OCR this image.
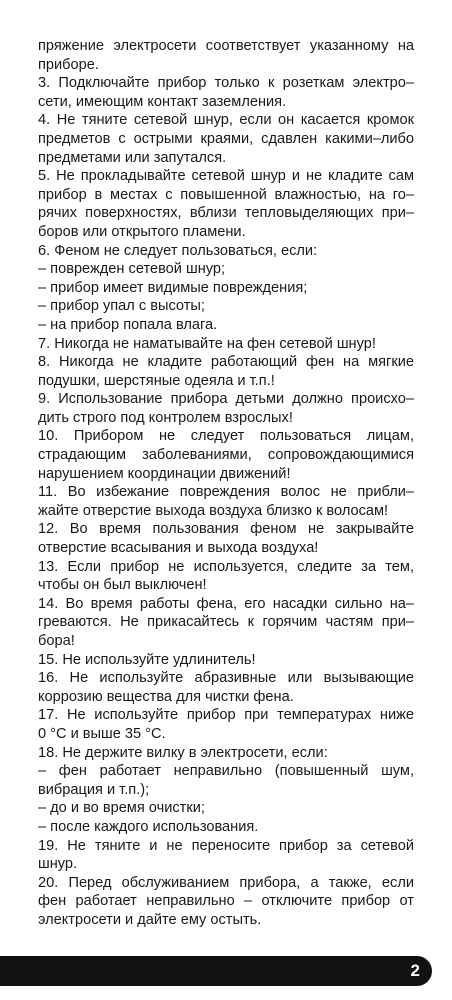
пряжение электросети соответствует указанному на
приборе.
3. Подключайте прибор только к розеткам электро–
сети, имеющим контакт заземления.
4. Не тяните сетевой шнур, если он касается кромок
предметов с острыми краями, сдавлен какими–либо
предметами или запутался.
5. Не прокладывайте сетевой шнур и не кладите сам
прибор в местах с повышенной влажностью, на го–
рячих поверхностях, вблизи тепловыделяющих при–
боров или открытого пламени.
6. Феном не следует пользоваться, если:
– поврежден сетевой шнур;
– прибор имеет видимые повреждения;
– прибор упал с высоты;
– на прибор попала влага.
7. Никогда не наматывайте на фен сетевой шнур!
8. Никогда не кладите работающий фен на мягкие
подушки, шерстяные одеяла и т.п.!
9. Использование прибора детьми должно происхо–
дить строго под контролем взрослых!
10. Прибором не следует пользоваться лицам,
страдающим заболеваниями, сопровождающимися
нарушением координации движений!
11. Во избежание повреждения волос не прибли–
жайте отверстие выхода воздуха близко к волосам!
12. Во время пользования феном не закрывайте
отверстие всасывания и выхода воздуха!
13. Если прибор не используется, следите за тем,
чтобы он был выключен!
14. Во время работы фена, его насадки сильно на–
греваются. Не прикасайтесь к горячим частям при–
бора!
15. Не используйте удлинитель!
16. Не используйте абразивные или вызывающие
коррозию вещества для чистки фена.
17. Не используйте прибор при температурах ниже
0 °С и выше 35 °С.
18. Не держите вилку в электросети, если:
– фен работает неправильно (повышенный шум,
вибрация и т.п.);
– до и во время очистки;
– после каждого использования.
19. Не тяните и не переносите прибор за сетевой
шнур.
20. Перед обслуживанием прибора, а также, если
фен работает неправильно – отключите прибор от
электросети и дайте ему остыть.
2
